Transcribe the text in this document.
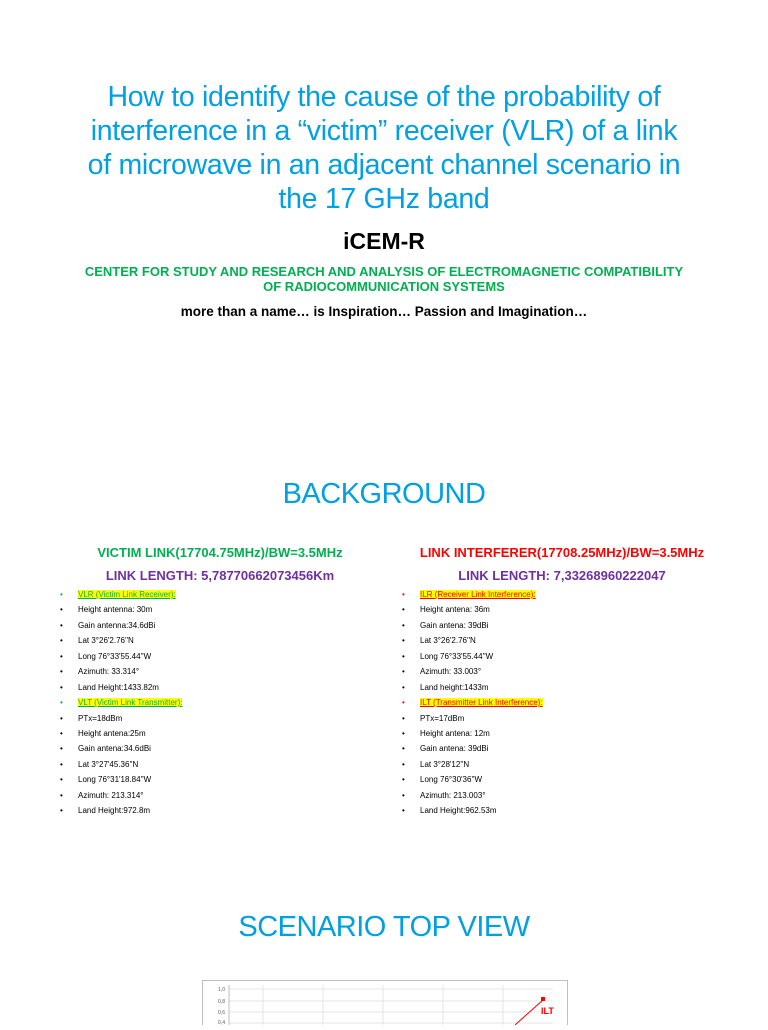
How to identify the cause of the probability of interference in a “victim” receiver (VLR) of a link of microwave in an adjacent channel scenario in the 17 GHz band
iCEM-R

CENTER FOR STUDY AND RESEARCH AND ANALYSIS OF ELECTROMAGNETIC COMPATIBILITY OF RADIOCOMMUNICATION SYSTEMS

more than a name… is Inspiration… Passion and Imagination…

BACKGROUND

VICTIM LINK(17704.75MHz)/BW=3.5MHz

LINK LENGTH: 5,78770662073456Km

• VLR (Victim Link Receiver):
• Height antenna: 30m
• Gain antenna:34.6dBi
• Lat 3°26'2.76''N
• Long 76°33'55.44''W
• Azimuth: 33.314°
• Land Height:1433.82m
• VLT (Victim Link Transmitter):
• PTx=18dBm
• Height antena:25m
• Gain antena:34.6dBi
• Lat 3°27'45.36''N
• Long 76°31'18.84''W
• Azimuth: 213.314°
• Land Height:972.8m

LINK INTERFERER(17708.25MHz)/BW=3.5MHz

LINK LENGTH: 7,33268960222047

• ILR (Receiver Link Interference):
• Height antena: 36m
• Gain antena: 39dBi
• Lat 3°26'2.76''N
• Long 76°33'55.44''W
• Azimuth: 33.003°
• Land height:1433m
• ILT (Transmitter Link Interference):
• PTx=17dBm
• Height antena: 12m
• Gain antena: 39dBi
• Lat 3°28'12''N
• Long 76°30'36''W
• Azimuth: 213.003°
• Land Height:962.53m
SCENARIO TOP VIEW
1,0
0,8
0,6
0,4
ILT
